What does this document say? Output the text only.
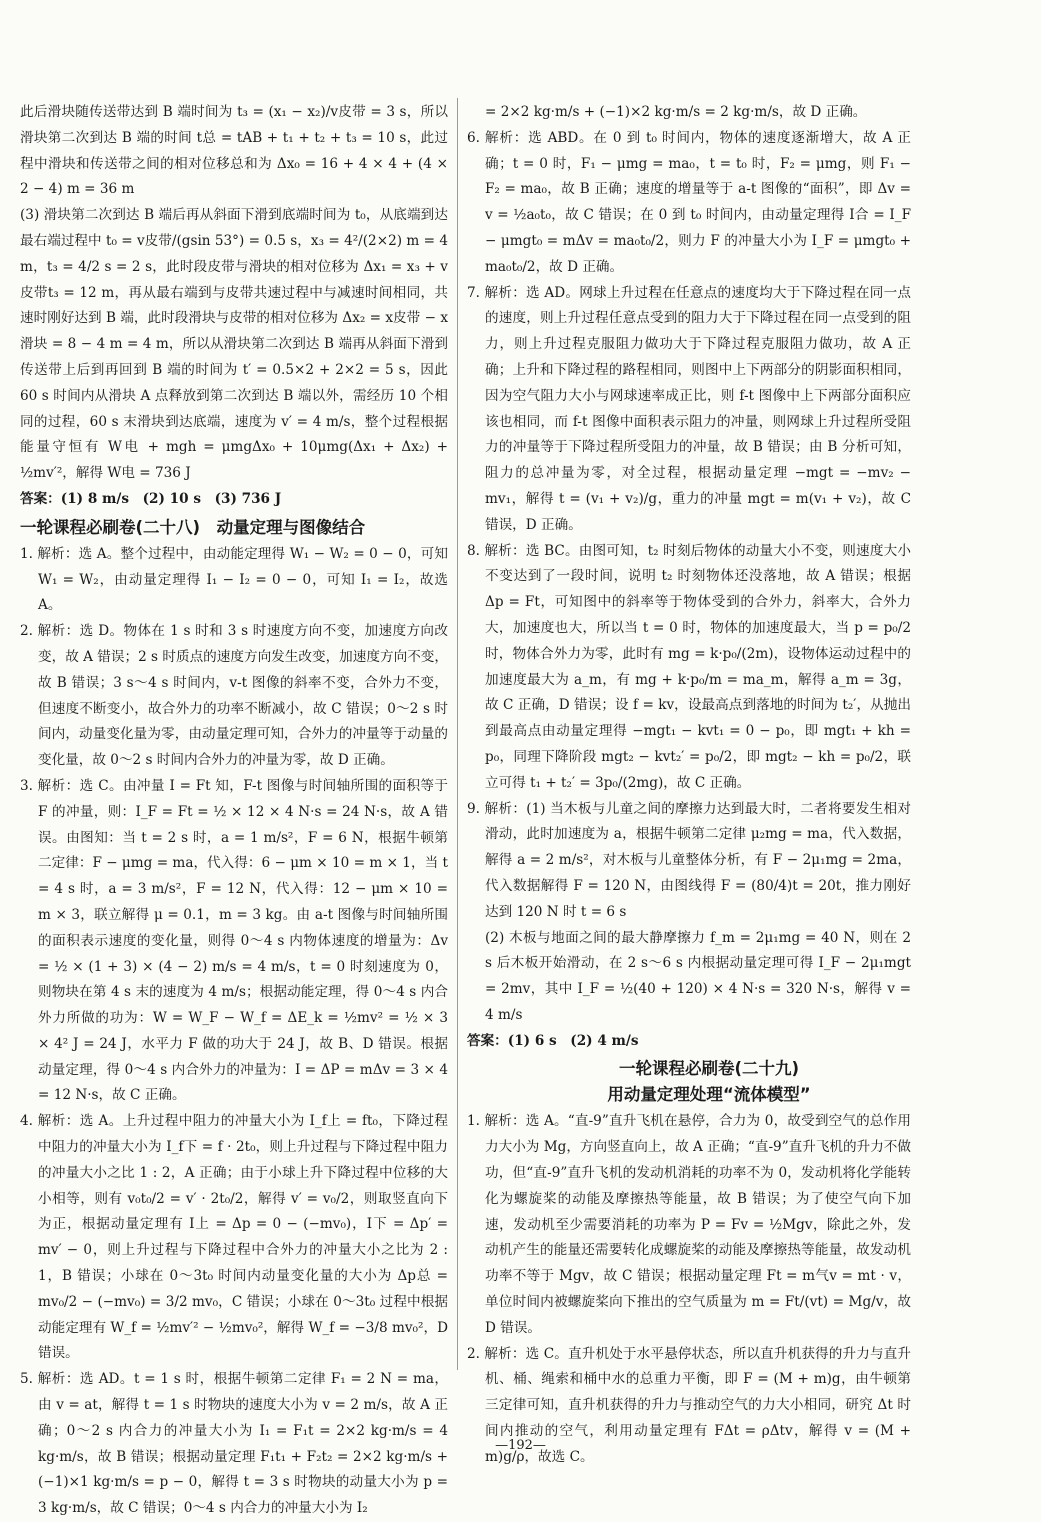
此后滑块随传送带达到 B 端时间为 t₃ = (x₁ − x₂)/v皮带 = 3 s，所以滑块第二次到达 B 端的时间 t总 = tAB + t₁ + t₂ + t₃ = 10 s，此过程中滑块和传送带之间的相对位移总和为 Δx₀ = 16 + 4 × 4 + (4 × 2 − 4) m = 36 m

(3) 滑块第二次到达 B 端后再从斜面下滑到底端时间为 t₀，从底端到达最右端过程中 t₀ = v皮带/(gsin 53°) = 0.5 s，x₃ = 4²/(2×2) m = 4 m，t₃ = 4/2 s = 2 s，此时段皮带与滑块的相对位移为 Δx₁ = x₃ + v皮带t₃ = 12 m，再从最右端到与皮带共速过程中与减速时间相同，共速时刚好达到 B 端，此时段滑块与皮带的相对位移为 Δx₂ = x皮带 − x滑块 = 8 − 4 m = 4 m，所以从滑块第二次到达 B 端再从斜面下滑到传送带上后到再回到 B 端的时间为 t′ = 0.5×2 + 2×2 = 5 s，因此 60 s 时间内从滑块 A 点释放到第二次到达 B 端以外，需经历 10 个相同的过程，60 s 末滑块到达底端，速度为 v′ = 4 m/s，整个过程根据能量守恒有 W电 + mgh = μmgΔx₀ + 10μmg(Δx₁ + Δx₂) + ½mv′²，解得 W电 = 736 J

答案：(1) 8 m/s　(2) 10 s　(3) 736 J

一轮课程必刷卷(二十八)　动量定理与图像结合

1. 解析：选 A。整个过程中，由动能定理得 W₁ − W₂ = 0 − 0，可知 W₁ = W₂，由动量定理得 I₁ − I₂ = 0 − 0，可知 I₁ = I₂，故选 A。

2. 解析：选 D。物体在 1 s 时和 3 s 时速度方向不变，加速度方向改变，故 A 错误；2 s 时质点的速度方向发生改变，加速度方向不变，故 B 错误；3 s～4 s 时间内，v-t 图像的斜率不变，合外力不变，但速度不断变小，故合外力的功率不断减小，故 C 错误；0～2 s 时间内，动量变化量为零，由动量定理可知，合外力的冲量等于动量的变化量，故 0～2 s 时间内合外力的冲量为零，故 D 正确。

3. 解析：选 C。由冲量 I = Ft 知，F-t 图像与时间轴所围的面积等于 F 的冲量，则：I_F = Ft = ½ × 12 × 4 N·s = 24 N·s，故 A 错误。由图知：当 t = 2 s 时，a = 1 m/s²，F = 6 N，根据牛顿第二定律：F − μmg = ma，代入得：6 − μm × 10 = m × 1，当 t = 4 s 时，a = 3 m/s²，F = 12 N，代入得：12 − μm × 10 = m × 3，联立解得 μ = 0.1，m = 3 kg。由 a-t 图像与时间轴所围的面积表示速度的变化量，则得 0～4 s 内物体速度的增量为：Δv = ½ × (1 + 3) × (4 − 2) m/s = 4 m/s，t = 0 时刻速度为 0，则物块在第 4 s 末的速度为 4 m/s；根据动能定理，得 0～4 s 内合外力所做的功为：W = W_F − W_f = ΔE_k = ½mv² = ½ × 3 × 4² J = 24 J，水平力 F 做的功大于 24 J，故 B、D 错误。根据动量定理，得 0～4 s 内合外力的冲量为：I = ΔP = mΔv = 3 × 4 = 12 N·s，故 C 正确。

4. 解析：选 A。上升过程中阻力的冲量大小为 I_f上 = ft₀，下降过程中阻力的冲量大小为 I_f下 = f · 2t₀，则上升过程与下降过程中阻力的冲量大小之比 1 : 2，A 正确；由于小球上升下降过程中位移的大小相等，则有 v₀t₀/2 = v′ · 2t₀/2，解得 v′ = v₀/2，则取竖直向下为正，根据动量定理有 I上 = Δp = 0 − (−mv₀)，I下 = Δp′ = mv′ − 0，则上升过程与下降过程中合外力的冲量大小之比为 2 : 1，B 错误；小球在 0～3t₀ 时间内动量变化量的大小为 Δp总 = mv₀/2 − (−mv₀) = 3/2 mv₀，C 错误；小球在 0～3t₀ 过程中根据动能定理有 W_f = ½mv′² − ½mv₀²，解得 W_f = −3/8 mv₀²，D 错误。

5. 解析：选 AD。t = 1 s 时，根据牛顿第二定律 F₁ = 2 N = ma，由 v = at，解得 t = 1 s 时物块的速度大小为 v = 2 m/s，故 A 正确；0～2 s 内合力的冲量大小为 I₁ = F₁t = 2×2 kg·m/s = 4 kg·m/s，故 B 错误；根据动量定理 F₁t₁ + F₂t₂ = 2×2 kg·m/s + (−1)×1 kg·m/s = p − 0，解得 t = 3 s 时物块的动量大小为 p = 3 kg·m/s，故 C 错误；0～4 s 内合力的冲量大小为 I₂

= 2×2 kg·m/s + (−1)×2 kg·m/s = 2 kg·m/s，故 D 正确。

6. 解析：选 ABD。在 0 到 t₀ 时间内，物体的速度逐渐增大，故 A 正确；t = 0 时，F₁ − μmg = ma₀，t = t₀ 时，F₂ = μmg，则 F₁ − F₂ = ma₀，故 B 正确；速度的增量等于 a-t 图像的“面积”，即 Δv = v = ½a₀t₀，故 C 错误；在 0 到 t₀ 时间内，由动量定理得 I合 = I_F − μmgt₀ = mΔv = ma₀t₀/2，则力 F 的冲量大小为 I_F = μmgt₀ + ma₀t₀/2，故 D 正确。

7. 解析：选 AD。网球上升过程在任意点的速度均大于下降过程在同一点的速度，则上升过程任意点受到的阻力大于下降过程在同一点受到的阻力，则上升过程克服阻力做功大于下降过程克服阻力做功，故 A 正确；上升和下降过程的路程相同，则图中上下两部分的阴影面积相同，因为空气阻力大小与网球速率成正比，则 f-t 图像中上下两部分面积应该也相同，而 f-t 图像中面积表示阻力的冲量，则网球上升过程所受阻力的冲量等于下降过程所受阻力的冲量，故 B 错误；由 B 分析可知，阻力的总冲量为零，对全过程，根据动量定理 −mgt = −mv₂ − mv₁，解得 t = (v₁ + v₂)/g，重力的冲量 mgt = m(v₁ + v₂)，故 C 错误，D 正确。

8. 解析：选 BC。由图可知，t₂ 时刻后物体的动量大小不变，则速度大小不变达到了一段时间，说明 t₂ 时刻物体还没落地，故 A 错误；根据 Δp = Ft，可知图中的斜率等于物体受到的合外力，斜率大，合外力大，加速度也大，所以当 t = 0 时，物体的加速度最大，当 p = p₀/2 时，物体合外力为零，此时有 mg = k·p₀/(2m)，设物体运动过程中的加速度最大为 a_m，有 mg + k·p₀/m = ma_m，解得 a_m = 3g，故 C 正确，D 错误；设 f = kv，设最高点到落地的时间为 t₂′，从抛出到最高点由动量定理得 −mgt₁ − kvt₁ = 0 − p₀，即 mgt₁ + kh = p₀，同理下降阶段 mgt₂ − kvt₂′ = p₀/2，即 mgt₂ − kh = p₀/2，联立可得 t₁ + t₂′ = 3p₀/(2mg)，故 C 正确。

9. 解析：(1) 当木板与儿童之间的摩擦力达到最大时，二者将要发生相对滑动，此时加速度为 a，根据牛顿第二定律 μ₂mg = ma，代入数据，解得 a = 2 m/s²，对木板与儿童整体分析，有 F − 2μ₁mg = 2ma，代入数据解得 F = 120 N，由图线得 F = (80/4)t = 20t，推力刚好达到 120 N 时 t = 6 s

(2) 木板与地面之间的最大静摩擦力 f_m = 2μ₁mg = 40 N，则在 2 s 后木板开始滑动，在 2 s～6 s 内根据动量定理可得 I_F − 2μ₁mgt = 2mv，其中 I_F = ½(40 + 120) × 4 N·s = 320 N·s，解得 v = 4 m/s

答案：(1) 6 s　(2) 4 m/s

一轮课程必刷卷(二十九)
用动量定理处理“流体模型”

1. 解析：选 A。“直-9”直升飞机在悬停，合力为 0，故受到空气的总作用力大小为 Mg，方向竖直向上，故 A 正确；“直-9”直升飞机的升力不做功，但“直-9”直升飞机的发动机消耗的功率不为 0，发动机将化学能转化为螺旋桨的动能及摩擦热等能量，故 B 错误；为了使空气向下加速，发动机至少需要消耗的功率为 P = Fv = ½Mgv，除此之外，发动机产生的能量还需要转化成螺旋桨的动能及摩擦热等能量，故发动机功率不等于 Mgv，故 C 错误；根据动量定理 Ft = m气v = mt · v，单位时间内被螺旋桨向下推出的空气质量为 m = Ft/(vt) = Mg/v，故 D 错误。

2. 解析：选 C。直升机处于水平悬停状态，所以直升机获得的升力与直升机、桶、绳索和桶中水的总重力平衡，即 F = (M + m)g，由牛顿第三定律可知，直升机获得的升力与推动空气的力大小相同，研究 Δt 时间内推动的空气，利用动量定理有 FΔt = ρΔtv，解得 v = (M + m)g/ρ，故选 C。

—192—
